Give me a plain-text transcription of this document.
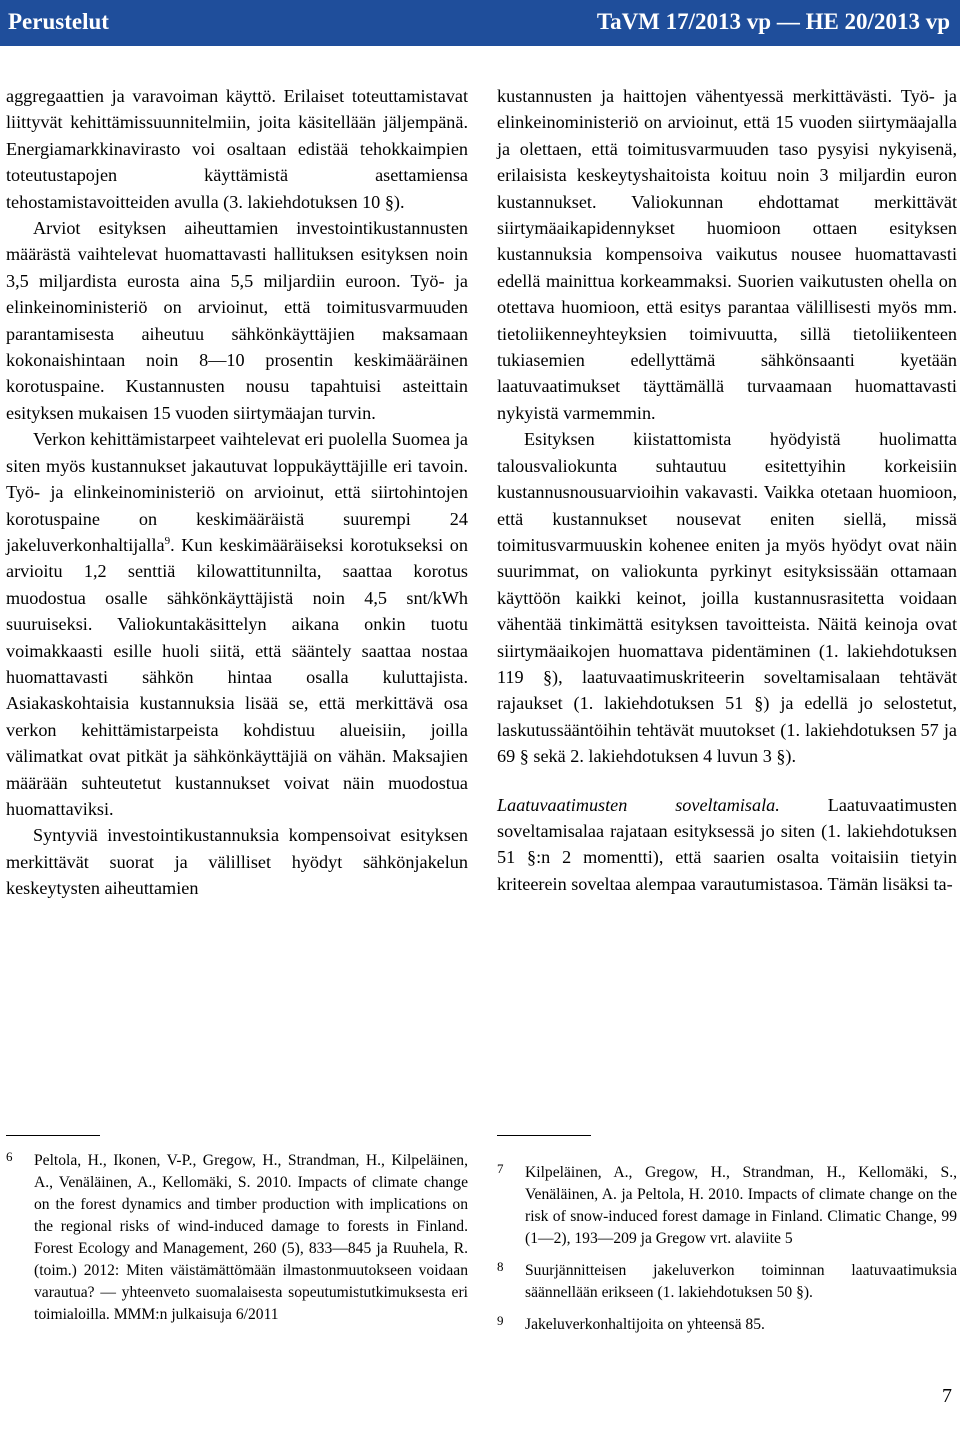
Perustelut	TaVM 17/2013 vp — HE 20/2013 vp

aggregaattien ja varavoiman käyttö. Erilaiset toteuttamistavat liittyvät kehittämissuunnitelmiin, joita käsitellään jäljempänä. Energiamarkkinavirasto voi osaltaan edistää tehokkaimpien toteutustapojen käyttämistä asettamiensa tehostamistavoitteiden avulla (3. lakiehdotuksen 10 §).

Arviot esityksen aiheuttamien investointikustannusten määrästä vaihtelevat huomattavasti hallituksen esityksen noin 3,5 miljardista eurosta aina 5,5 miljardiin euroon. Työ- ja elinkeinoministeriö on arvioinut, että toimitusvarmuuden parantamisesta aiheutuu sähkönkäyttäjien maksamaan kokonaishintaan noin 8—10 prosentin keskimääräinen korotuspaine. Kustannusten nousu tapahtuisi asteittain esityksen mukaisen 15 vuoden siirtymäajan turvin.

Verkon kehittämistarpeet vaihtelevat eri puolella Suomea ja siten myös kustannukset jakautuvat loppukäyttäjille eri tavoin. Työ- ja elinkeinoministeriö on arvioinut, että siirtohintojen korotuspaine on keskimääräistä suurempi 24 jakeluverkonhaltijalla$^9$. Kun keskimääräiseksi korotukseksi on arvioitu 1,2 senttiä kilowattitunnilta, saattaa korotus muodostua osalle sähkönkäyttäjistä noin 4,5 snt/kWh suuruiseksi. Valiokuntakäsittelyn aikana onkin tuotu voimakkaasti esille huoli siitä, että sääntely saattaa nostaa huomattavasti sähkön hintaa osalla kuluttajista. Asiakaskohtaisia kustannuksia lisää se, että merkittävä osa verkon kehittämistarpeista kohdistuu alueisiin, joilla välimatkat ovat pitkät ja sähkönkäyttäjiä on vähän. Maksajien määrään suhteutetut kustannukset voivat näin muodostua huomattaviksi.

Syntyviä investointikustannuksia kompensoivat esityksen merkittävät suorat ja välilliset hyödyt sähkönjakelun keskeytysten aiheuttamien

kustannusten ja haittojen vähentyessä merkittävästi. Työ- ja elinkeinoministeriö on arvioinut, että 15 vuoden siirtymäajalla ja olettaen, että toimitusvarmuuden taso pysyisi nykyisenä, erilaisista keskeytyshaitoista koituu noin 3 miljardin euron kustannukset. Valiokunnan ehdottamat merkittävät siirtymäaikapidennykset huomioon ottaen esityksen kustannuksia kompensoiva vaikutus nousee huomattavasti edellä mainittua korkeammaksi. Suorien vaikutusten ohella on otettava huomioon, että esitys parantaa välillisesti myös mm. tietoliikenneyhteyksien toimivuutta, sillä tietoliikenteen tukiasemien edellyttämä sähkönsaanti kyetään laatuvaatimukset täyttämällä turvaamaan huomattavasti nykyistä varmemmin.

Esityksen kiistattomista hyödyistä huolimatta talousvaliokunta suhtautuu esitettyihin korkeisiin kustannusnousuarvioihin vakavasti. Vaikka otetaan huomioon, että kustannukset nousevat eniten siellä, missä toimitusvarmuuskin kohenee eniten ja myös hyödyt ovat näin suurimmat, on valiokunta pyrkinyt esityksissään ottamaan käyttöön kaikki keinot, joilla kustannusrasitetta voidaan vähentää tinkimättä esityksen tavoitteista. Näitä keinoja ovat siirtymäaikojen huomattava pidentäminen (1. lakiehdotuksen 119 §), laatuvaatimuskriteerin soveltamisalaan tehtävät rajaukset (1. lakiehdotuksen 51 §) ja edellä jo selostetut, laskutussääntöihin tehtävät muutokset (1. lakiehdotuksen 57 ja 69 § sekä 2. lakiehdotuksen 4 luvun 3 §).

Laatuvaatimusten soveltamisala. Laatuvaatimusten soveltamisalaa rajataan esityksessä jo siten (1. lakiehdotuksen 51 §:n 2 momentti), että saarien osalta voitaisiin tietyin kriteerein soveltaa alempaa varautumistasoa. Tämän lisäksi ta-

6 Peltola, H., Ikonen, V-P., Gregow, H., Strandman, H., Kilpeläinen, A., Venäläinen, A., Kellomäki, S. 2010. Impacts of climate change on the forest dynamics and timber production with implications on the regional risks of wind-induced damage to forests in Finland. Forest Ecology and Management, 260 (5), 833—845 ja Ruuhela, R. (toim.) 2012: Miten väistämättömään ilmastonmuutokseen voidaan varautua? — yhteenveto suomalaisesta sopeutumistutkimuksesta eri toimialoilla. MMM:n julkaisuja 6/2011
7 Kilpeläinen, A., Gregow, H., Strandman, H., Kellomäki, S., Venäläinen, A. ja Peltola, H. 2010. Impacts of climate change on the risk of snow-induced forest damage in Finland. Climatic Change, 99 (1—2), 193—209 ja Gregow vrt. alaviite 5
8 Suurjännitteisen jakeluverkon toiminnan laatuvaatimuksia säännellään erikseen (1. lakiehdotuksen 50 §).
9 Jakeluverkonhaltijoita on yhteensä 85.
7
